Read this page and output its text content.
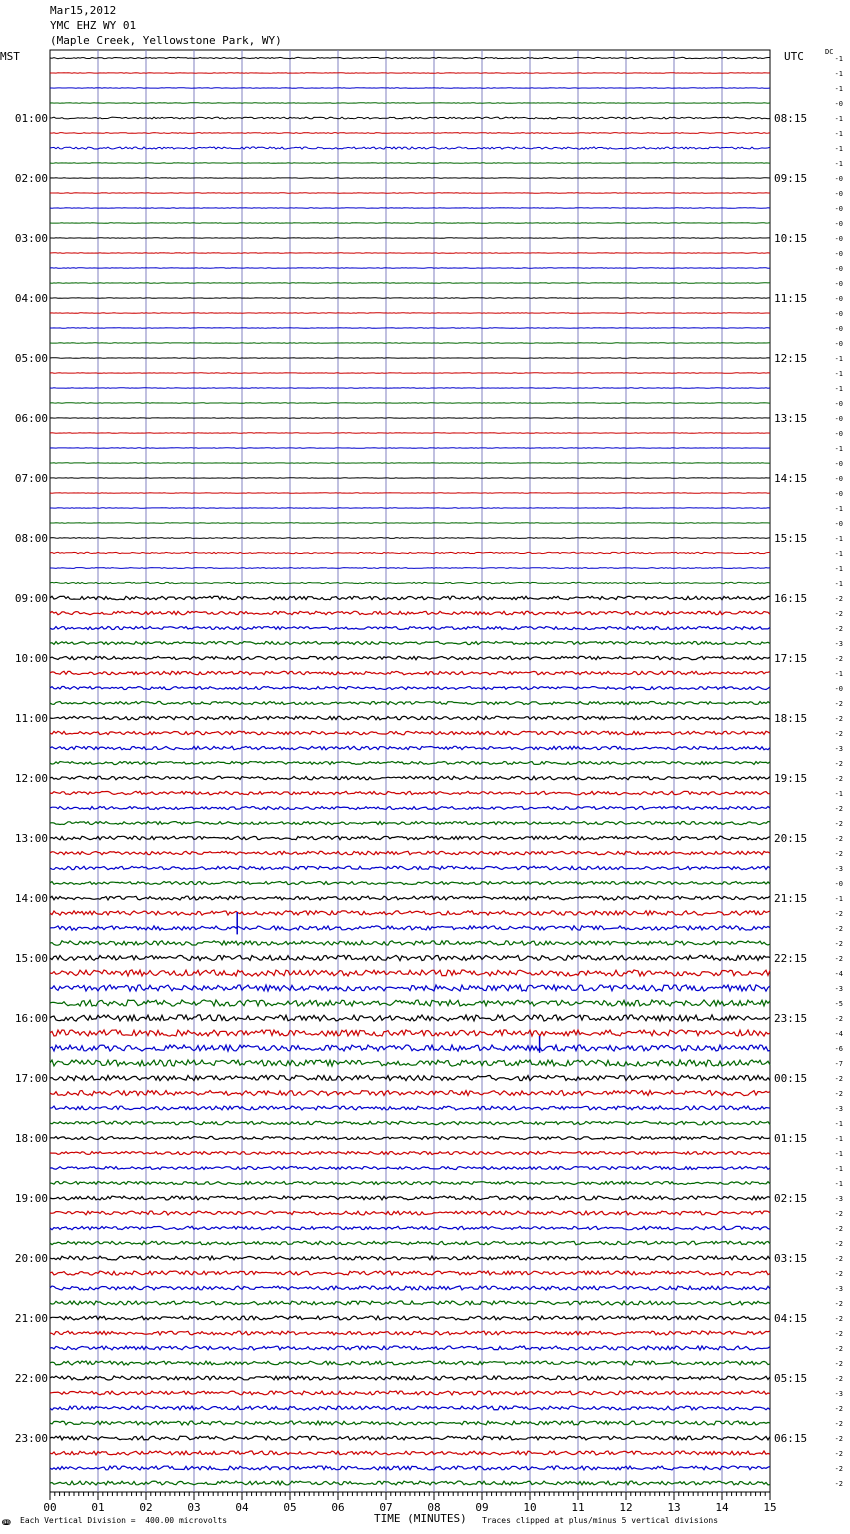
Mar15,2012
YMC EHZ WY 01
(Maple Creek, Yellowstone Park, WY)
MST	UTC	DC
-1
-1
-1
-0
-1
-1
-1
-1
-0
-0
-0
-0
-0
-0
-0
-0
-0
-0
-0
-0
-1
-1
-1
-0
-0
-0
-1
-0
-0
-0
-1
-0
-1
-1
-1
-1
-2
-2
-2
-3
-2
-1
-0
-2
-2
-2
-3
-2
-2
-1
-2
-2
-2
-2
-3
-0
-1
-2
-2
-2
-2
-4
-3
-5
-2
-4
-6
-7
-2
-2
-3
-1
-1
-1
-1
-1
-3
-2
-2
-2
-2
-2
-3
-2
-2
-2
-2
-2
-2
-3
-2
-2
-2
-2
-2
-2
01:00
02:00
03:00
04:00
05:00
06:00
07:00
08:00
09:00
10:00
11:00
12:00
13:00
14:00
15:00
16:00
17:00
18:00
19:00
20:00
21:00
22:00
23:00
08:15
09:15
10:15
11:15
12:15
13:15
14:15
15:15
16:15
17:15
18:15
19:15
20:15
21:15
22:15
23:15
00:15
01:15
02:15
03:15
04:15
05:15
06:15
00	01	02	03	04	05	06	07	08	09	10	11	12	13	14	15
ↈ Each Vertical Division =  400.00 microvolts	TIME (MINUTES) Traces clipped at plus/minus 5 vertical divisions
